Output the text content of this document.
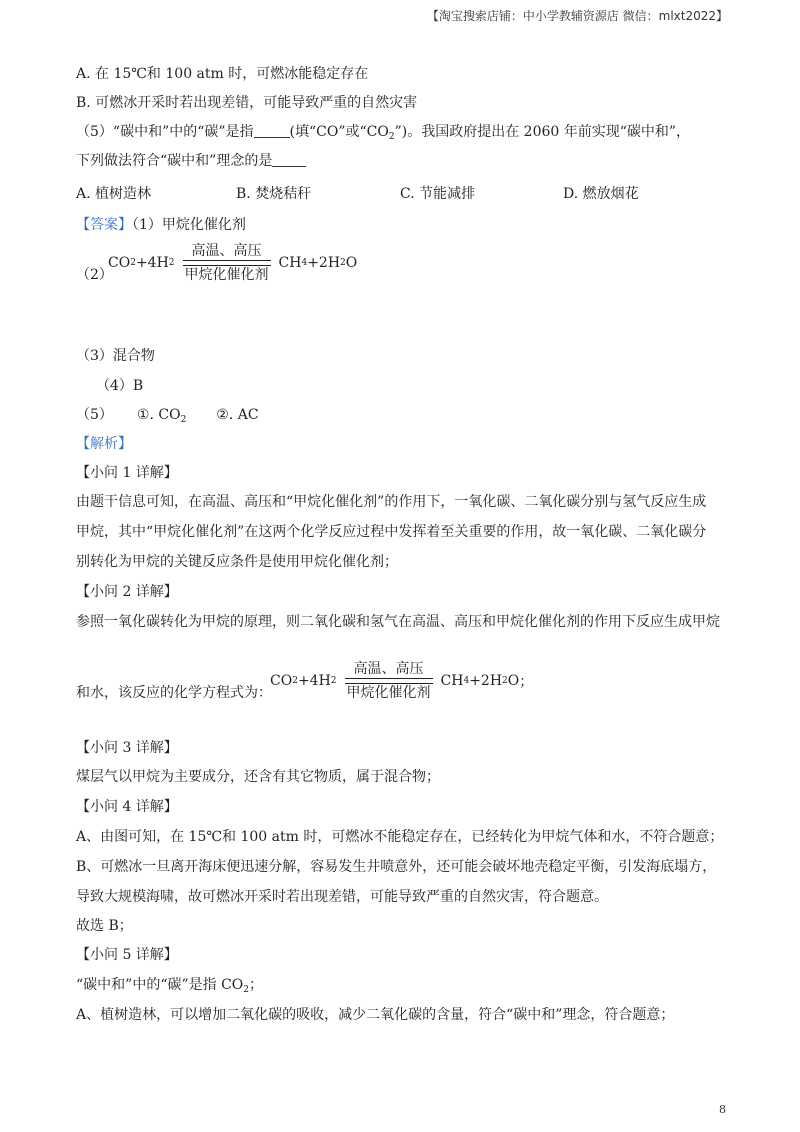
【淘宝搜索店铺：中小学教辅资源店 微信：mlxt2022】
A. 在 15℃和 100 atm 时，可燃冰能稳定存在
B. 可燃冰开采时若出现差错，可能导致严重的自然灾害
（5）“碳中和”中的“碳”是指	(填“CO”或“$CO_2$”)。我国政府提出在 2060 年前实现“碳中和”，
下列做法符合“碳中和”理念的是
A. 植树造林	B. 焚烧秸秆	C. 节能减排	D. 燃放烟花
【答案】（1）甲烷化催化剂
（2）
CO 2 +4H 2
高温、高压
甲烷化催化剂
CH 4 +2H 2 O
（3）混合物
（4）B
（5） ①. $CO_2$ ②. AC
【解析】
【小问 1 详解】
由题干信息可知，在高温、高压和“甲烷化催化剂”的作用下，一氧化碳、二氧化碳分别与氢气反应生成
甲烷，其中“甲烷化催化剂”在这两个化学反应过程中发挥着至关重要的作用，故一氧化碳、二氧化碳分
别转化为甲烷的关键反应条件是使用甲烷化催化剂；
【小问 2 详解】
参照一氧化碳转化为甲烷的原理，则二氧化碳和氢气在高温、高压和甲烷化催化剂的作用下反应生成甲烷
和水，该反应的化学方程式为：
CO 2 +4H 2
高温、高压
甲烷化催化剂
CH 4 +2H 2 O ；
【小问 3 详解】
煤层气以甲烷为主要成分，还含有其它物质，属于混合物；
【小问 4 详解】
A、由图可知，在 15℃和 100 atm 时，可燃冰不能稳定存在，已经转化为甲烷气体和水，不符合题意；
B、可燃冰一旦离开海床便迅速分解，容易发生井喷意外，还可能会破坏地壳稳定平衡，引发海底塌方，
导致大规模海啸，故可燃冰开采时若出现差错，可能导致严重的自然灾害，符合题意。
故选 B；
【小问 5 详解】
“碳中和”中的“碳”是指 $CO_2$；
A、植树造林，可以增加二氧化碳的吸收，减少二氧化碳的含量，符合“碳中和”理念，符合题意；
8
